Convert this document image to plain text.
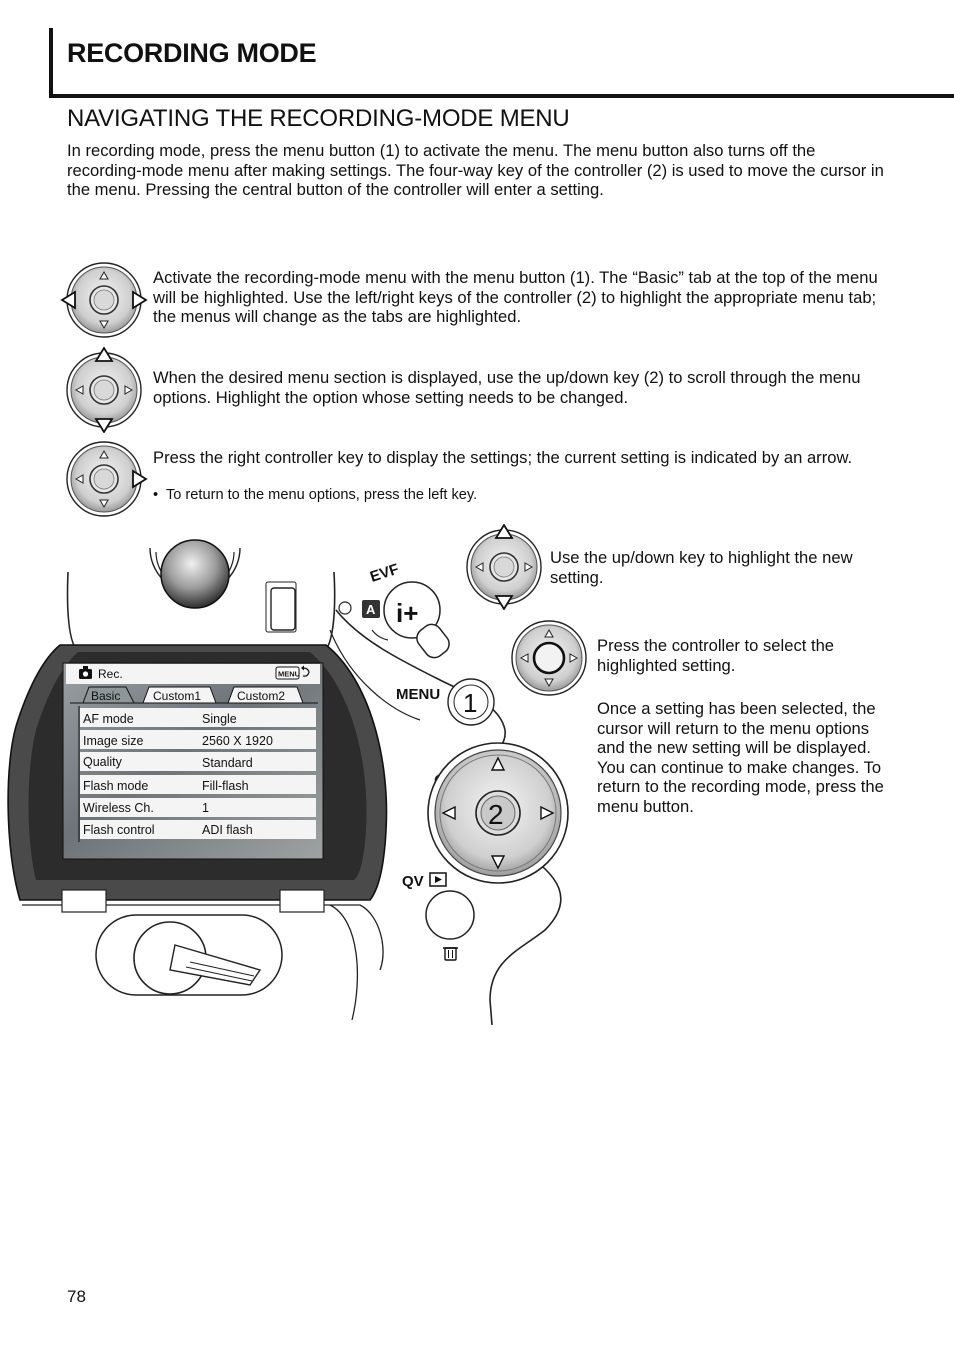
RECORDING MODE
NAVIGATING THE RECORDING-MODE MENU
In recording mode, press the menu button (1) to activate the menu. The menu button also turns off the recording-mode menu after making settings. The four-way key of the controller (2) is used to move the cursor in the menu. Pressing the central button of the controller will enter a setting.
Activate the recording-mode menu with the menu button (1). The “Basic” tab at the top of the menu will be highlighted. Use the left/right keys of the controller (2) to highlight the appropriate menu tab; the menus will change as the tabs are highlighted.
When the desired menu section is displayed, use the up/down key (2) to scroll through the menu options. Highlight the option whose setting needs to be changed.
Press the right controller key to display the settings; the current setting is indicated by an arrow.
•  To return to the menu options, press the left key.
Use the up/down key to highlight the new setting.
Press the controller to select the highlighted setting.
Once a setting has been selected, the cursor will return to the menu options and the new setting will be displayed. You can continue to make changes. To return to the recording mode, press the menu button.
Rec.	MENU
Basic	Custom1	Custom2
AF mode	Single
Image size	2560 X 1920
Quality	Standard
Flash mode	Fill-flash
Wireless Ch.	1
Flash control	ADI flash
EVF
A i+
MENU 1
2
QV
78
